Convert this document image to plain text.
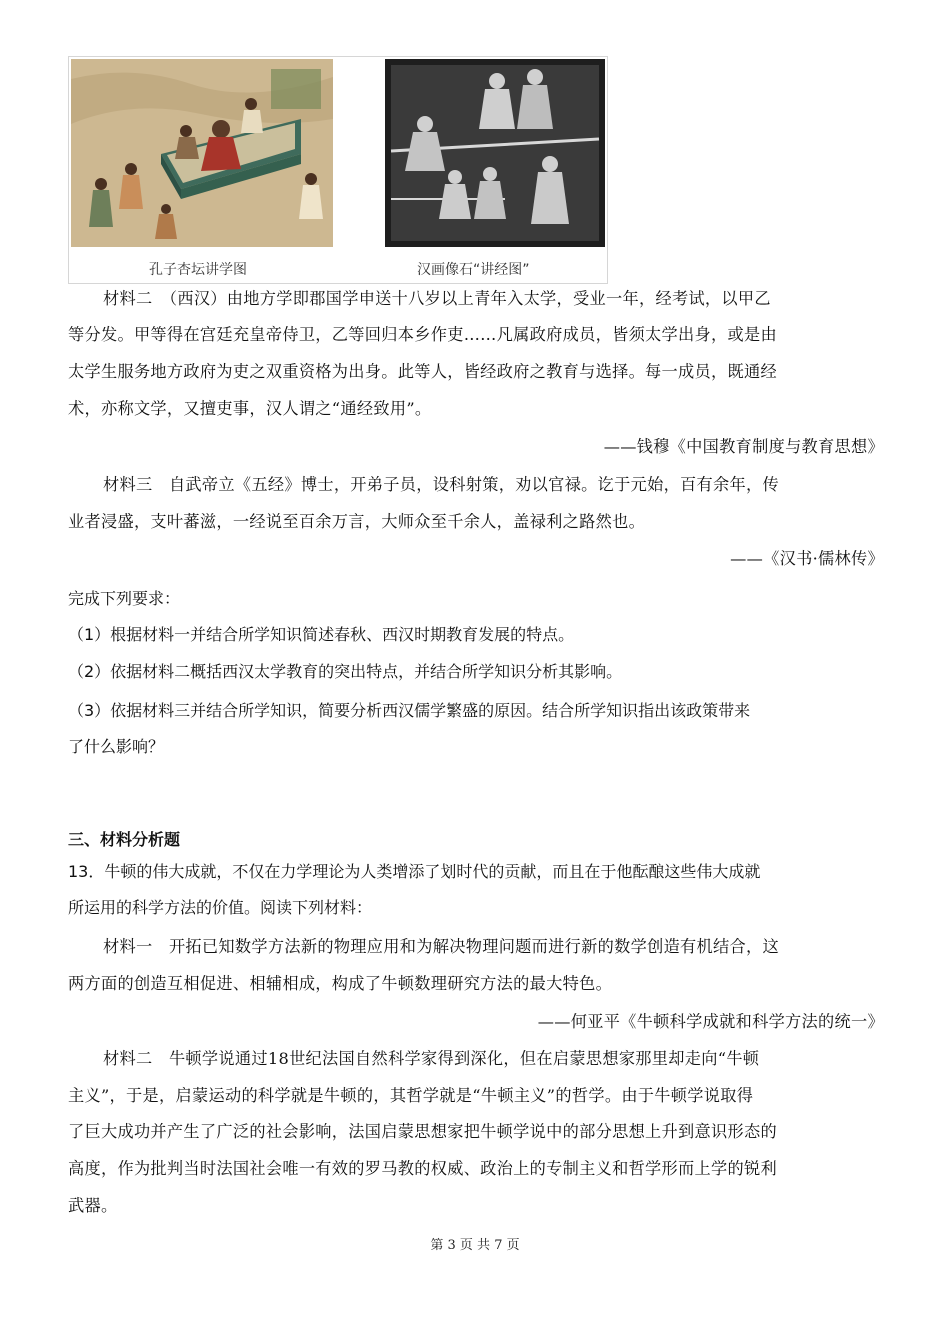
孔子杏坛讲学图	汉画像石“讲经图”
材料二　（西汉）由地方学即郡国学申送十八岁以上青年入太学，受业一年，经考试，以甲乙
等分发。甲等得在宫廷充皇帝侍卫，乙等回归本乡作吏……凡属政府成员，皆须太学出身，或是由
太学生服务地方政府为吏之双重资格为出身。此等人，皆经政府之教育与选择。每一成员，既通经
术，亦称文学，又擅吏事，汉人谓之“通经致用”。
——钱穆《中国教育制度与教育思想》
材料三　自武帝立《五经》博士，开弟子员，设科射策，劝以官禄。讫于元始，百有余年，传
业者浸盛，支叶蕃滋，一经说至百余万言，大师众至千余人，盖禄利之路然也。
——《汉书·儒林传》
完成下列要求：
（1）根据材料一并结合所学知识简述春秋、西汉时期教育发展的特点。
（2）依据材料二概括西汉太学教育的突出特点，并结合所学知识分析其影响。
（3）依据材料三并结合所学知识，简要分析西汉儒学繁盛的原因。结合所学知识指出该政策带来
了什么影响？
三、材料分析题
13．牛顿的伟大成就，不仅在力学理论为人类增添了划时代的贡献，而且在于他酝酿这些伟大成就
所运用的科学方法的价值。阅读下列材料：
材料一　开拓已知数学方法新的物理应用和为解决物理问题而进行新的数学创造有机结合，这
两方面的创造互相促进、相辅相成，构成了牛顿数理研究方法的最大特色。
——何亚平《牛顿科学成就和科学方法的统一》
材料二　牛顿学说通过18世纪法国自然科学家得到深化，但在启蒙思想家那里却走向“牛顿
主义”，于是，启蒙运动的科学就是牛顿的，其哲学就是“牛顿主义”的哲学。由于牛顿学说取得
了巨大成功并产生了广泛的社会影响，法国启蒙思想家把牛顿学说中的部分思想上升到意识形态的
高度，作为批判当时法国社会唯一有效的罗马教的权威、政治上的专制主义和哲学形而上学的锐利
武器。
第 3 页 共 7 页
